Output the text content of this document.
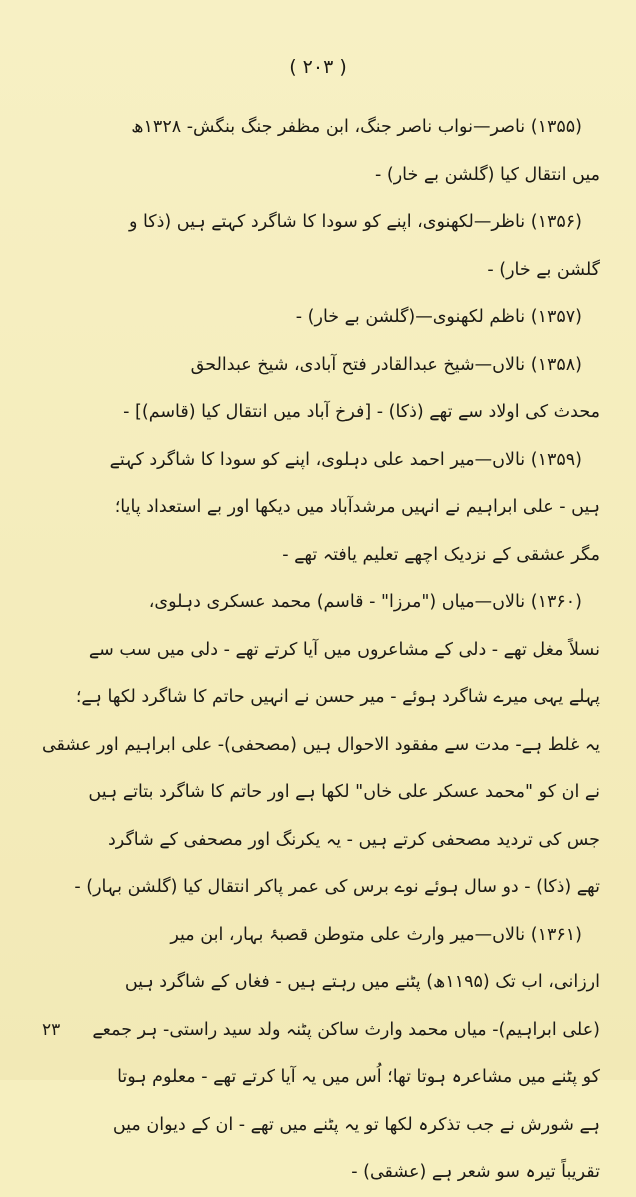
( ۲۰۳ )
(۱۳۵۵) ناصر—نواب ناصر جنگ، ابن مظفر جنگ بنگش- ۱۳۲۸ھ
میں انتقال کیا (گلشن بے خار) -
(۱۳۵۶) ناظر—لکھنوی، اپنے کو سودا کا شاگرد کہتے ہیں (ذکا و
گلشن بے خار) -
(۱۳۵۷) ناظم لکھنوی—(گلشن بے خار) -
(۱۳۵۸) نالاں—شیخ عبدالقادر فتح آبادی، شیخ عبدالحق
محدث کی اولاد سے تھے (ذکا) - [فرخ آباد میں انتقال کیا (قاسم)] -
(۱۳۵۹) نالاں—میر احمد علی دہلوی، اپنے کو سودا کا شاگرد کہتے
ہیں - علی ابراہیم نے انہیں مرشدآباد میں دیکھا اور بے استعداد پایا؛
مگر عشقی کے نزدیک اچھے تعلیم یافتہ تھے -
(۱۳۶۰) نالاں—میاں ("مرزا" - قاسم) محمد عسکری دہلوی،
نسلاً مغل تھے - دلی کے مشاعروں میں آیا کرتے تھے - دلی میں سب سے
پہلے یہی میرے شاگرد ہوئے - میر حسن نے انہیں حاتم کا شاگرد لکھا ہے؛
یہ غلط ہے- مدت سے مفقود الاحوال ہیں (مصحفی)- علی ابراہیم اور عشقی
نے ان کو "محمد عسکر علی خاں" لکھا ہے اور حاتم کا شاگرد بتاتے ہیں
جس کی تردید مصحفی کرتے ہیں - یہ یکرنگ اور مصحفی کے شاگرد
تھے (ذکا) - دو سال ہوئے نوے برس کی عمر پاکر انتقال کیا (گلشن بہار) -
(۱۳۶۱) نالاں—میر وارث علی متوطن قصبۂ بہار، ابن میر
ارزانی، اب تک (۱۱۹۵ھ) پٹنے میں رہتے ہیں - فغاں کے شاگرد ہیں
(علی ابراہیم)- میاں محمد وارث ساکن پٹنہ ولد سید راستی- ہر جمعے
کو پٹنے میں مشاعرہ ہوتا تھا؛ اُس میں یہ آیا کرتے تھے - معلوم ہوتا
ہے شورش نے جب تذکرہ لکھا تو یہ پٹنے میں تھے - ان کے دیوان میں
تقریباً تیرہ سو شعر ہے (عشقی) -
۲۳
